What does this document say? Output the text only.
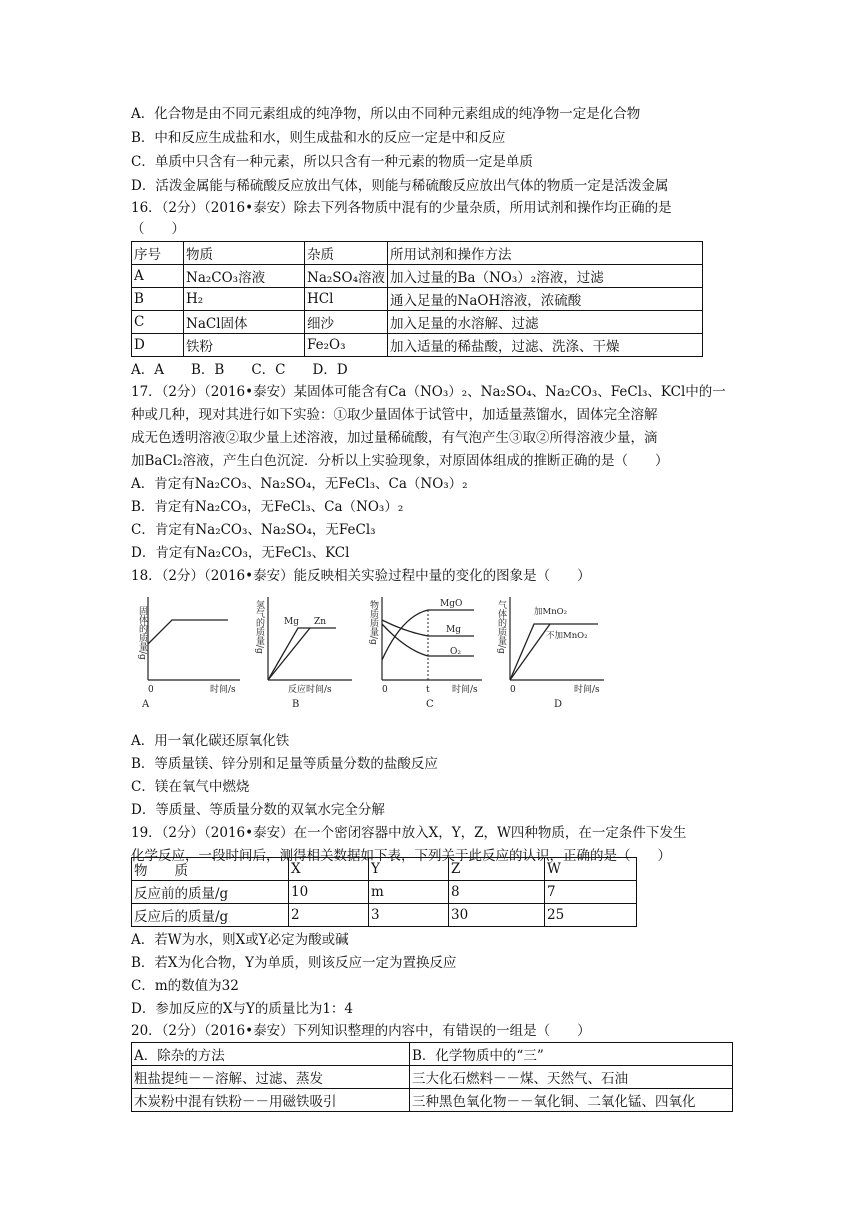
A．化合物是由不同元素组成的纯净物，所以由不同种元素组成的纯净物一定是化合物
B．中和反应生成盐和水，则生成盐和水的反应一定是中和反应
C．单质中只含有一种元素，所以只含有一种元素的物质一定是单质
D．活泼金属能与稀硫酸反应放出气体，则能与稀硫酸反应放出气体的物质一定是活泼金属
16．（2分）（2016•泰安）除去下列各物质中混有的少量杂质，所用试剂和操作均正确的是
（　　）
序号	物质	杂质	所用试剂和操作方法
A	Na₂CO₃溶液	Na₂SO₄溶液	加入过量的Ba（NO₃）₂溶液，过滤
B	H₂	HCl	通入足量的NaOH溶液，浓硫酸
C	NaCl固体	细沙	加入足量的水溶解、过滤
D	铁粉	Fe₂O₃	加入适量的稀盐酸，过滤、洗涤、干燥
A．A　　B．B　　C．C　　D．D
17．（2分）（2016•泰安）某固体可能含有Ca（NO₃）₂、Na₂SO₄、Na₂CO₃、FeCl₃、KCl中的一
种或几种，现对其进行如下实验：①取少量固体于试管中，加适量蒸馏水，固体完全溶解
成无色透明溶液②取少量上述溶液，加过量稀硫酸，有气泡产生③取②所得溶液少量，滴
加BaCl₂溶液，产生白色沉淀．分析以上实验现象，对原固体组成的推断正确的是（　　）
A．肯定有Na₂CO₃、Na₂SO₄，无FeCl₃、Ca（NO₃）₂
B．肯定有Na₂CO₃，无FeCl₃、Ca（NO₃）₂
C．肯定有Na₂CO₃、Na₂SO₄，无FeCl₃
D．肯定有Na₂CO₃，无FeCl₃、KCl
18．（2分）（2016•泰安）能反映相关实验过程中量的变化的图象是（　　）
固体的质量/g
0	时间/s
A
氢气的质量/g Mg Zn
反应时间/s
B
物质质量/g	MgO
Mg
O₂
0	t 时间/s
C
气体的质量/g	加MnO₂
不加MnO₂
0	时间/s
D
A．用一氧化碳还原氧化铁
B．等质量镁、锌分别和足量等质量分数的盐酸反应
C．镁在氧气中燃烧
D．等质量、等质量分数的双氧水完全分解
19．（2分）（2016•泰安）在一个密闭容器中放入X，Y，Z，W四种物质，在一定条件下发生
化学反应，一段时间后，测得相关数据如下表，下列关于此反应的认识，正确的是（　　）
物　　质	X	Y	Z	W
反应前的质量/g	10	m	8	7
反应后的质量/g	2	3	30	25
A．若W为水，则X或Y必定为酸或碱
B．若X为化合物，Y为单质，则该反应一定为置换反应
C．m的数值为32
D．参加反应的X与Y的质量比为1：4
20．（2分）（2016•泰安）下列知识整理的内容中，有错误的一组是（　　）
A．除杂的方法	B．化学物质中的“三”
粗盐提纯－－溶解、过滤、蒸发	三大化石燃料－－煤、天然气、石油
木炭粉中混有铁粉－－用磁铁吸引	三种黑色氧化物－－氧化铜、二氧化锰、四氧化
